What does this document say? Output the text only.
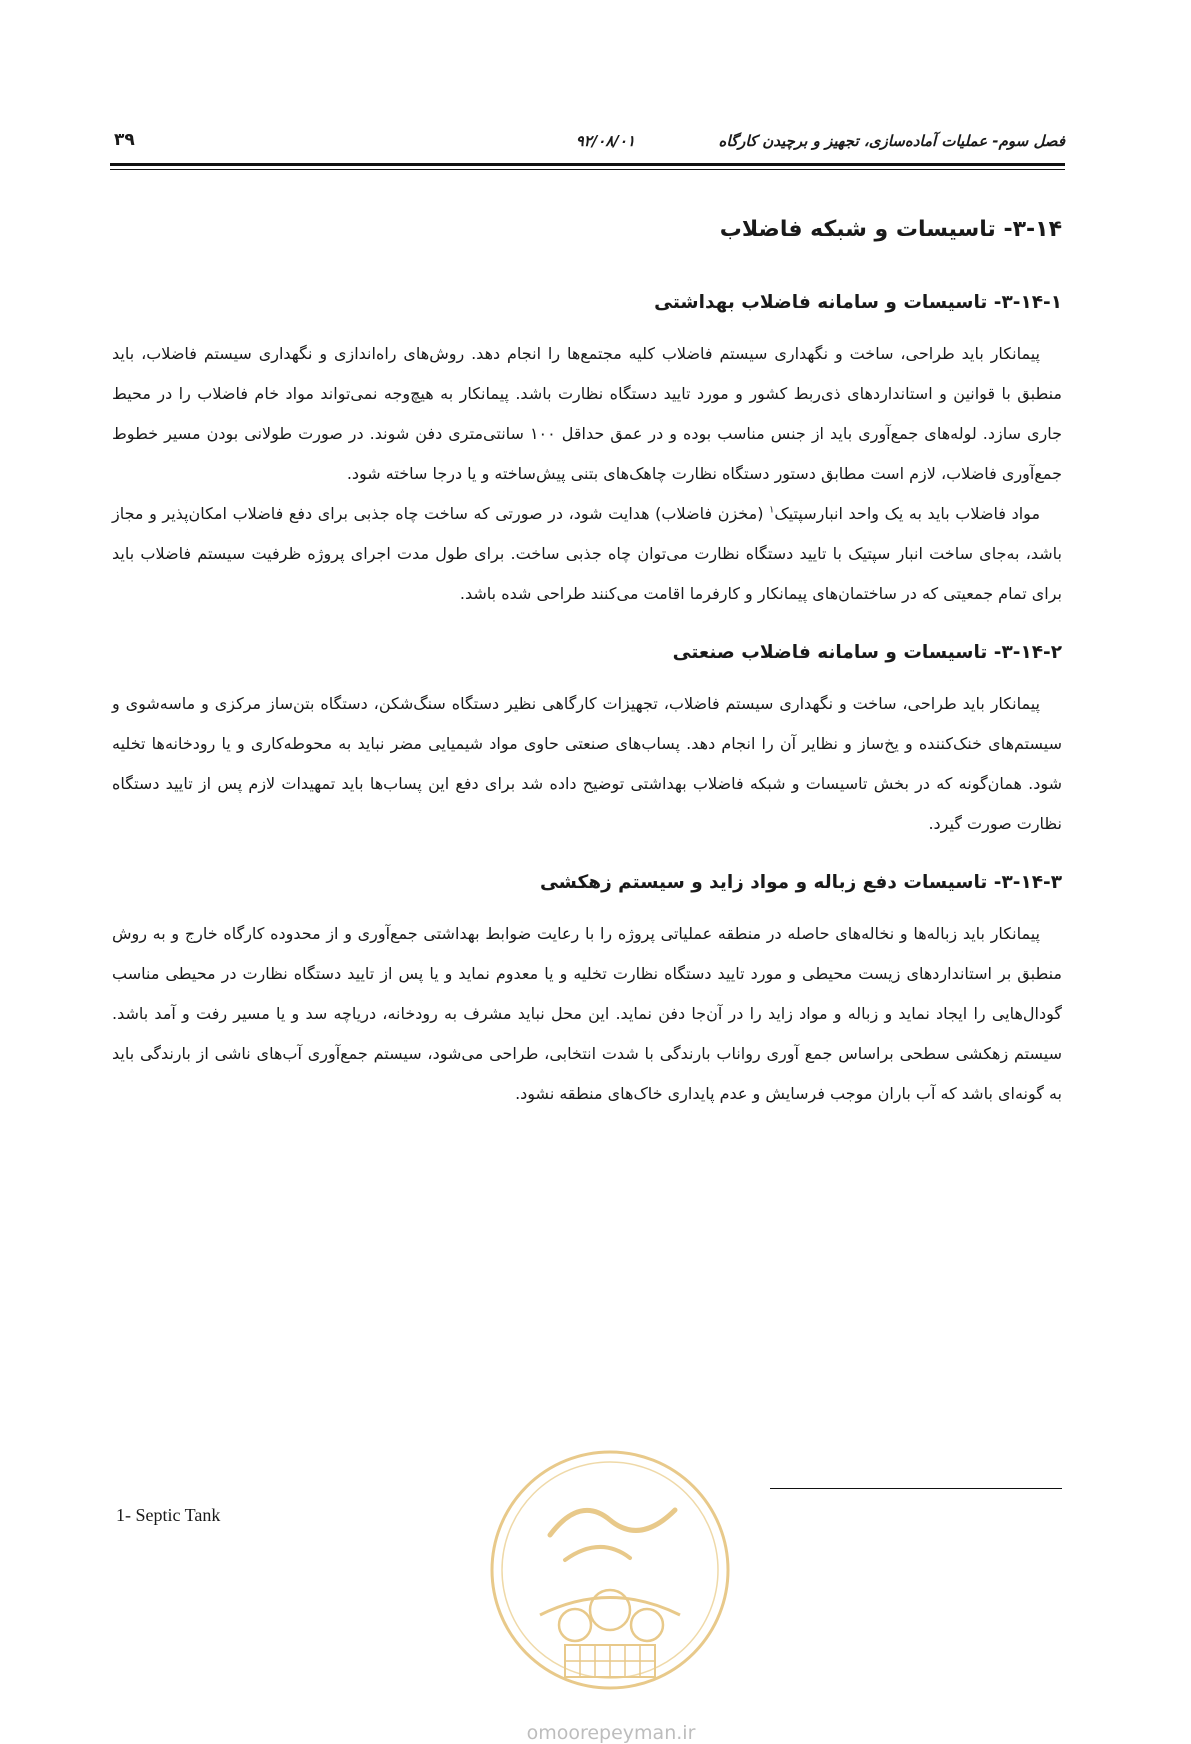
فصل سوم- عملیات آماده‌سازی، تجهیز و برچیدن کارگاه
۹۲/۰۸/۰۱
۳۹
۳-۱۴- تاسیسات و شبکه فاضلاب
۳-۱۴-۱- تاسیسات و سامانه فاضلاب بهداشتی

پیمانکار باید طراحی، ساخت و نگهداری سیستم فاضلاب کلیه مجتمع‌ها را انجام دهد. روش‌های راه‌اندازی و نگهداری سیستم فاضلاب، باید منطبق با قوانین و استانداردهای ذی‌ربط کشور و مورد تایید دستگاه نظارت باشد. پیمانکار به هیچ‌وجه نمی‌تواند مواد خام فاضلاب را در محیط جاری سازد. لوله‌های جمع‌آوری باید از جنس مناسب بوده و در عمق حداقل ۱۰۰ سانتی‌متری دفن شوند. در صورت طولانی بودن مسیر خطوط جمع‌آوری فاضلاب، لازم است مطابق دستور دستگاه نظارت چاهک‌های بتنی پیش‌ساخته و یا درجا ساخته شود.

مواد فاضلاب باید به یک واحد انبارسپتیک$^۱$ (مخزن فاضلاب) هدایت شود، در صورتی که ساخت چاه جذبی برای دفع فاضلاب امکان‌پذیر و مجاز باشد، به‌جای ساخت انبار سپتیک با تایید دستگاه نظارت می‌توان چاه جذبی ساخت. برای طول مدت اجرای پروژه ظرفیت سیستم فاضلاب باید برای تمام جمعیتی که در ساختمان‌های پیمانکار و کارفرما اقامت می‌کنند طراحی شده باشد.

۳-۱۴-۲- تاسیسات و سامانه فاضلاب صنعتی

پیمانکار باید طراحی، ساخت و نگهداری سیستم فاضلاب، تجهیزات کارگاهی نظیر دستگاه سنگ‌شکن، دستگاه بتن‌ساز مرکزی و ماسه‌شوی و سیستم‌های خنک‌کننده و یخ‌ساز و نظایر آن را انجام دهد. پساب‌های صنعتی حاوی مواد شیمیایی مضر نباید به محوطه‌کاری و یا رودخانه‌ها تخلیه شود. همان‌گونه که در بخش تاسیسات و شبکه فاضلاب بهداشتی توضیح داده شد برای دفع این پساب‌ها باید تمهیدات لازم پس از تایید دستگاه نظارت صورت گیرد.

۳-۱۴-۳- تاسیسات دفع زباله و مواد زاید و سیستم زهکشی

پیمانکار باید زباله‌ها و نخاله‌های حاصله در منطقه عملیاتی پروژه را با رعایت ضوابط بهداشتی جمع‌آوری و از محدوده کارگاه خارج و به روش منطبق بر استانداردهای زیست محیطی و مورد تایید دستگاه نظارت تخلیه و یا معدوم نماید و یا پس از تایید دستگاه نظارت در محیطی مناسب گودال‌هایی را ایجاد نماید و زباله و مواد زاید را در آن‌جا دفن نماید. این محل نباید مشرف به رودخانه، دریاچه سد و یا مسیر رفت و آمد باشد. سیستم زهکشی سطحی براساس جمع آوری رواناب بارندگی با شدت انتخابی، طراحی می‌شود، سیستم جمع‌آوری آب‌های ناشی از بارندگی باید به گونه‌ای باشد که آب باران موجب فرسایش و عدم پایداری خاک‌های منطقه نشود.

1- Septic Tank
omoorepeyman.ir
